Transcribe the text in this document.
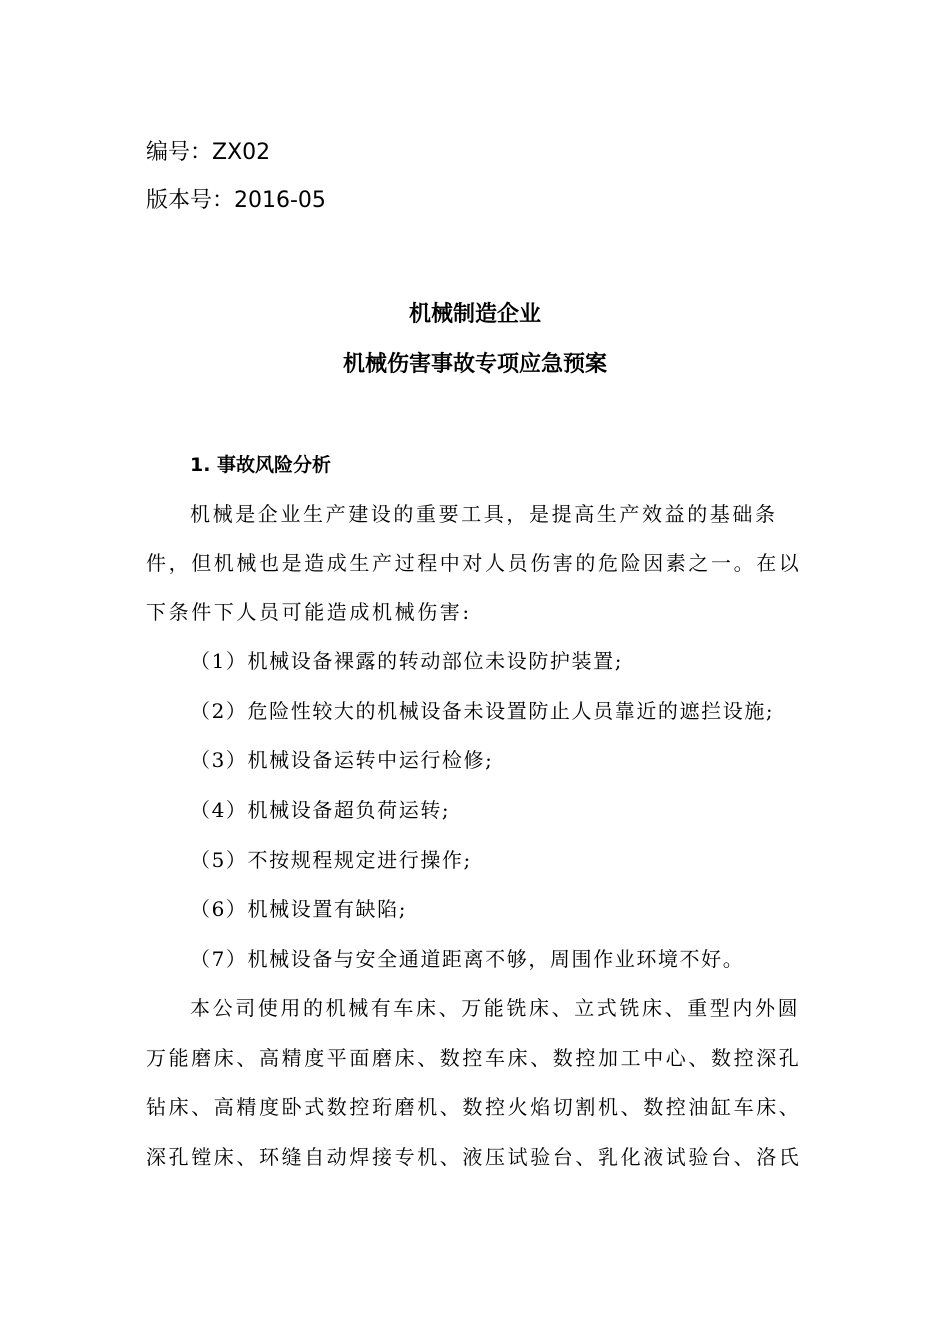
编号：ZX02
版本号：2016-05
机械制造企业
机械伤害事故专项应急预案
1. 事故风险分析
机械是企业生产建设的重要工具，是提高生产效益的基础条
件，但机械也是造成生产过程中对人员伤害的危险因素之一。在以
下条件下人员可能造成机械伤害:
（1）机械设备裸露的转动部位未设防护装置;
（2）危险性较大的机械设备未设置防止人员靠近的遮拦设施;
（3）机械设备运转中运行检修;
（4）机械设备超负荷运转;
（5）不按规程规定进行操作;
（6）机械设置有缺陷;
（7）机械设备与安全通道距离不够，周围作业环境不好。
本公司使用的机械有车床、万能铣床、立式铣床、重型内外圆
万能磨床、高精度平面磨床、数控车床、数控加工中心、数控深孔
钻床、高精度卧式数控珩磨机、数控火焰切割机、数控油缸车床、
深孔镗床、环缝自动焊接专机、液压试验台、乳化液试验台、洛氏
